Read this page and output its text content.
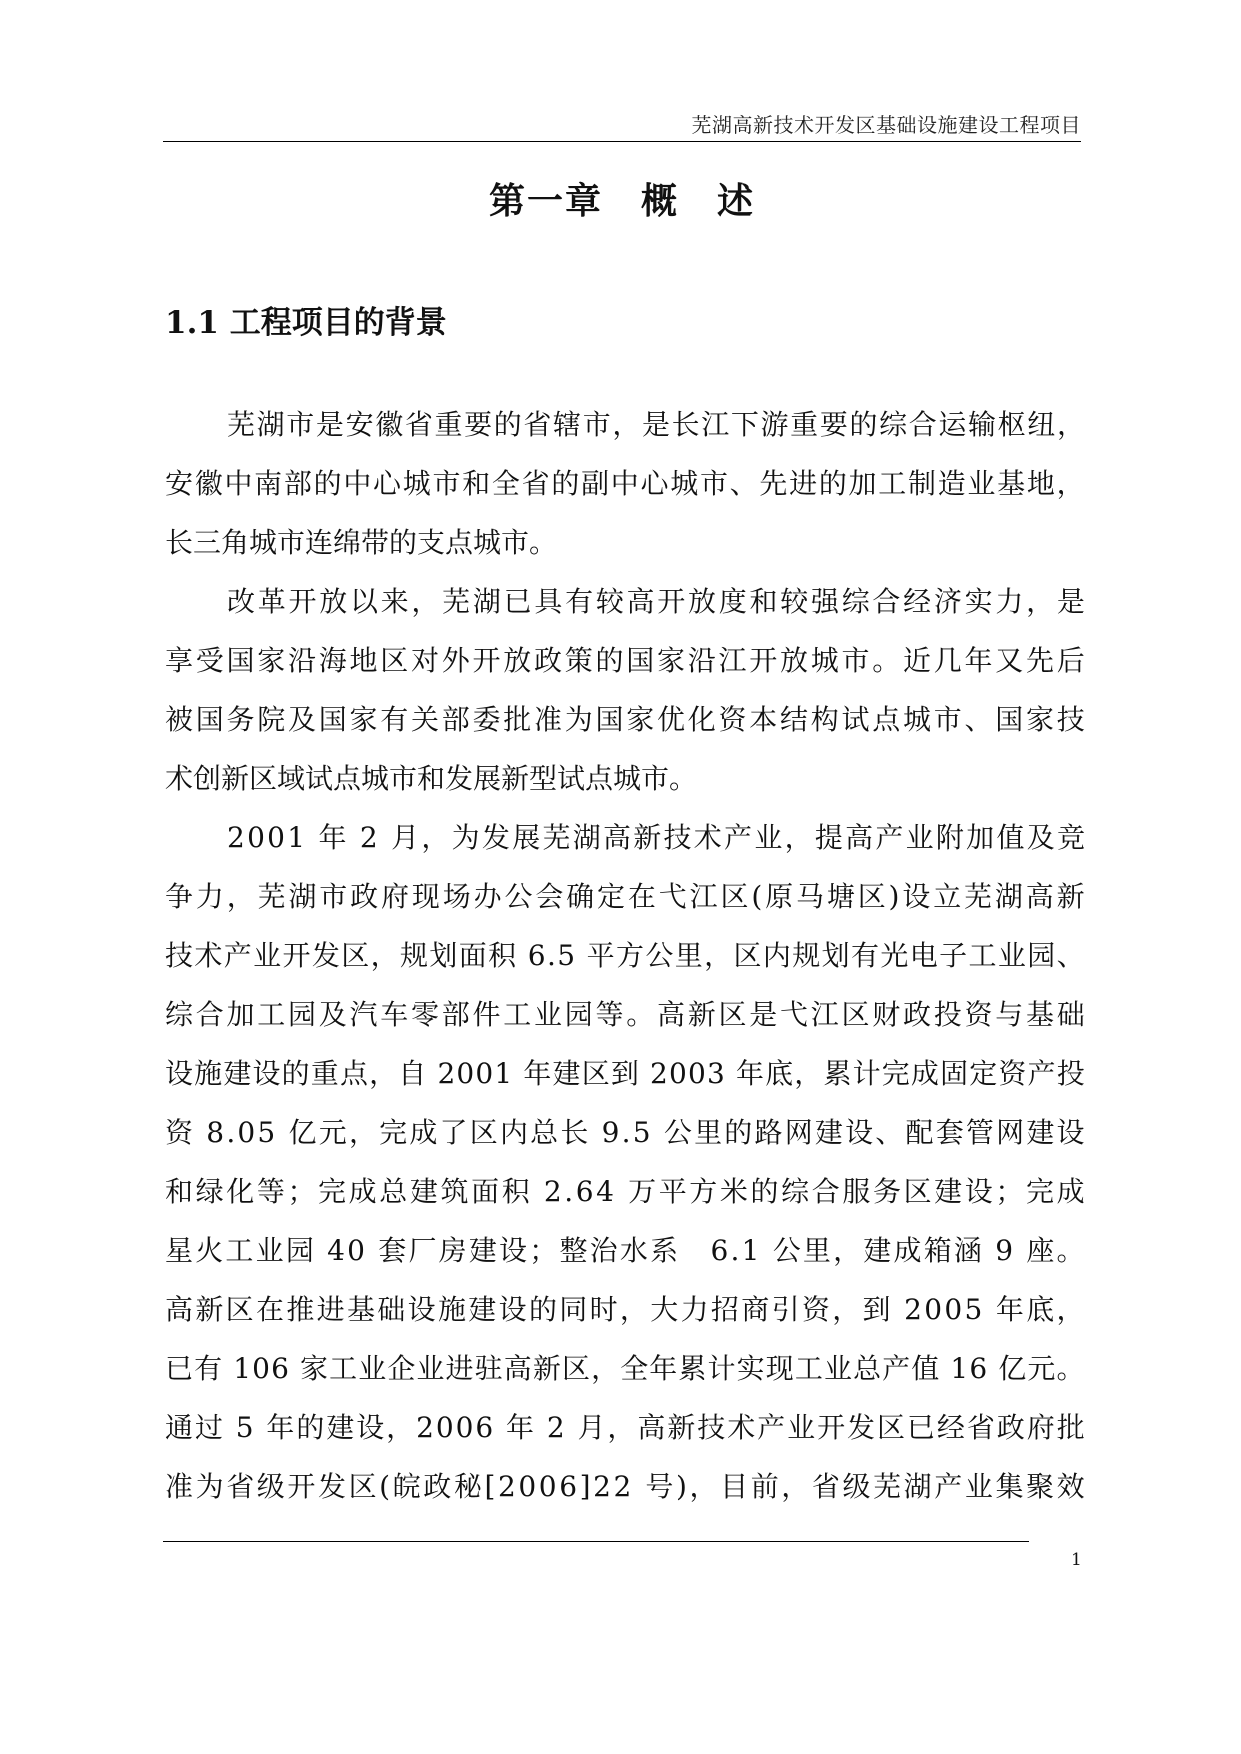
芜湖高新技术开发区基础设施建设工程项目
第一章　概　述
1.1 工程项目的背景
芜 湖 市 是 安 徽 省 重 要 的 省 辖 市 ， 是 长 江 下 游 重 要 的 综 合 运 输 枢 纽 ，
安 徽 中 南 部 的 中 心 城 市 和 全 省 的 副 中 心 城 市 、 先 进 的 加 工 制 造 业 基 地 ，
长三角城市连绵带的支点城市。
改 革 开 放 以 来 ， 芜 湖 已 具 有 较 高 开 放 度 和 较 强 综 合 经 济 实 力 ， 是
享 受 国 家 沿 海 地 区 对 外 开 放 政 策 的 国 家 沿 江 开 放 城 市 。 近 几 年 又 先 后
被 国 务 院 及 国 家 有 关 部 委 批 准 为 国 家 优 化 资 本 结 构 试 点 城 市 、 国 家 技
术创新区域试点城市和发展新型试点城市。
2 0 0 1
年
2
月 ， 为 发 展 芜 湖 高 新 技 术 产 业 ， 提 高 产 业 附 加 值 及 竞
争 力 ， 芜 湖 市 政 府 现 场 办 公 会 确 定 在 弋 江 区 ( 原 马 塘 区 ) 设 立 芜 湖 高 新
技 术 产 业 开 发 区 ， 规 划 面 积
6 . 5
平 方 公 里 ， 区 内 规 划 有 光 电 子 工 业 园 、
综 合 加 工 园 及 汽 车 零 部 件 工 业 园 等 。 高 新 区 是 弋 江 区 财 政 投 资 与 基 础
设 施 建 设 的 重 点 ， 自
2 0 0 1
年 建 区 到
2 0 0 3
年 底 ， 累 计 完 成 固 定 资 产 投
资
8 . 0 5
亿 元 ， 完 成 了 区 内 总 长
9 . 5
公 里 的 路 网 建 设 、 配 套 管 网 建 设
和 绿 化 等 ； 完 成 总 建 筑 面 积
2 . 6 4
万 平 方 米 的 综 合 服 务 区 建 设 ； 完 成
星 火 工 业 园
4 0
套 厂 房 建 设 ； 整 治 水 系
　 6 . 1
公 里 ， 建 成 箱 涵
9
座 。
高 新 区 在 推 进 基 础 设 施 建 设 的 同 时 ， 大 力 招 商 引 资 ， 到
2 0 0 5
年 底 ，
已 有
1 0 6
家 工 业 企 业 进 驻 高 新 区 ， 全 年 累 计 实 现 工 业 总 产 值
1 6
亿 元 。
通 过
5
年 的 建 设 ， 2 0 0 6
年
2
月 ， 高 新 技 术 产 业 开 发 区 已 经 省 政 府 批
准 为 省 级 开 发 区 ( 皖 政 秘 [ 2 0 0 6 ] 2 2
号 ) ， 目 前 ， 省 级 芜 湖 产 业 集 聚 效
1
